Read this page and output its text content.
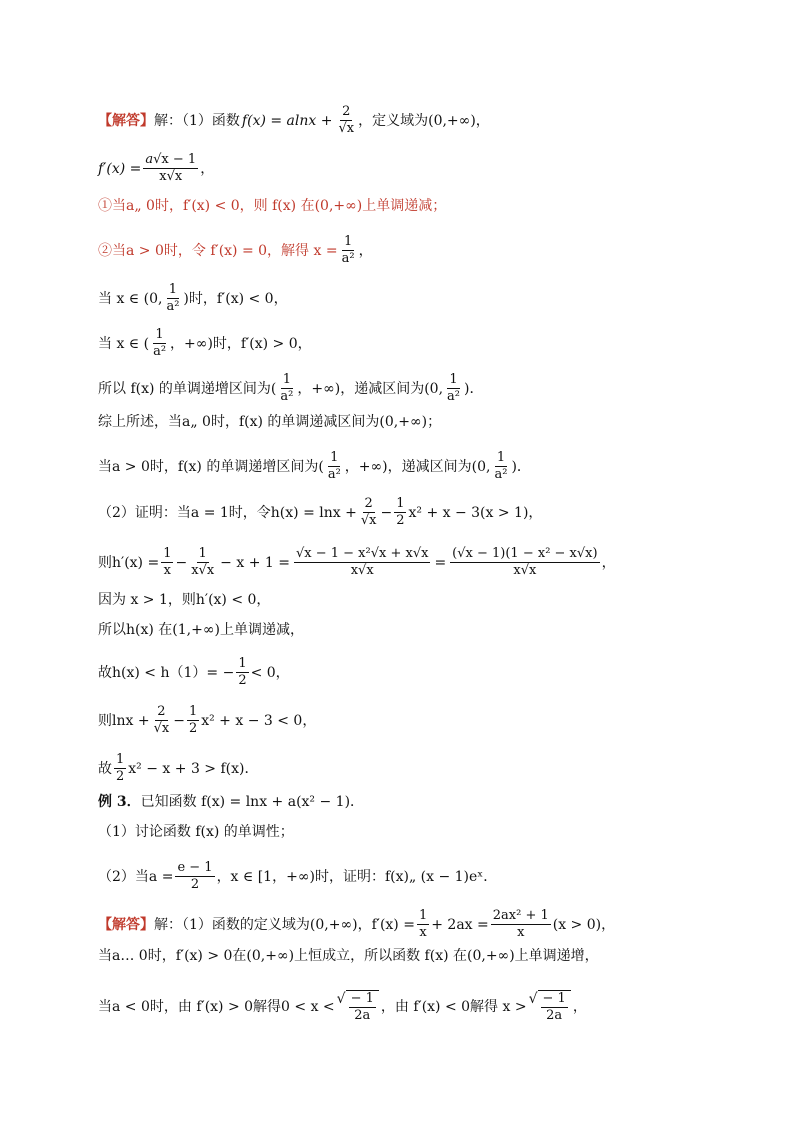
【解答】 解：（1）函数 $f(x) = alnx + \frac{2}{√x}$ ，定义域为 (0,+∞) ，
$f'(x) = \frac{a√x - 1}{x√x}$ ，
①当a„ 0时，f′(x) < 0，则 f(x) 在(0,+∞)上单调递减；
②当a > 0时，令 f′(x) = 0，解得 $x = \frac{1}{\text{a²}}$ ，
当 x ∈ (0, $\frac{1}{\text{a²}}$ )时，f′(x) < 0，
当 x ∈ ( $\frac{1}{\text{a²}}$ ，+∞)时，f′(x) > 0，
所以 f(x) 的单调递增区间为( $\frac{1}{\text{a²}}$ ，+∞)，递减区间为(0, $\frac{1}{\text{a²}}$ )．
综上所述，当a„ 0时，f(x) 的单调递减区间为(0,+∞)；
当a > 0时，f(x) 的单调递增区间为( $\frac{1}{\text{a²}}$ ，+∞)，递减区间为(0, $\frac{1}{\text{a²}}$ )．
（2）证明：当a = 1时，令$h(x) = \ln x + \frac{2}{√x} - \frac{1}{2} x^2 + x - 3(x > 1)$，
则$h'(x) = \frac{1}{x} - \frac{1}{x√x} - x + 1 = \frac{\text{√x − 1 − x²√x + x√x}}{x√x} = \frac{\text{(√x − 1)(1 − x² − x√x)}}{x√x}$ ，
因为 x > 1，则h′(x) < 0，
所以h(x) 在(1,+∞)上单调递减，
故$h(x) < h(1)= - \frac{1}{2} < 0$，
则$\ln x + \frac{2}{√x} - \frac{1}{2} x^2 + x - 3 < 0$，
故 $\frac{1}{2} x^2 - x + 3 > f(x)$．
例 3． 已知函数 f(x) = lnx + a(x² − 1)．
（1）讨论函数 f(x) 的单调性；
（2）当$a = \frac{e - 1}{2}$ ，x ∈ [1，+∞)时，证明：f(x)„ (x − 1)eˣ．
【解答】 解：（1）函数的定义域为(0,+∞)，$f'(x) = \frac{1}{x} + 2ax = \frac{\text{2ax² + 1}}{x} (x > 0)$，
当a… 0时，f′(x) > 0在(0,+∞)上恒成立，所以函数 f(x) 在(0,+∞)上单调递增，
当a < 0时，由 f′(x) > 0解得0 < x < √ $\frac{- 1}{2a}$ ，由 f′(x) < 0解得 x > √ $\frac{- 1}{2a}$ ，
